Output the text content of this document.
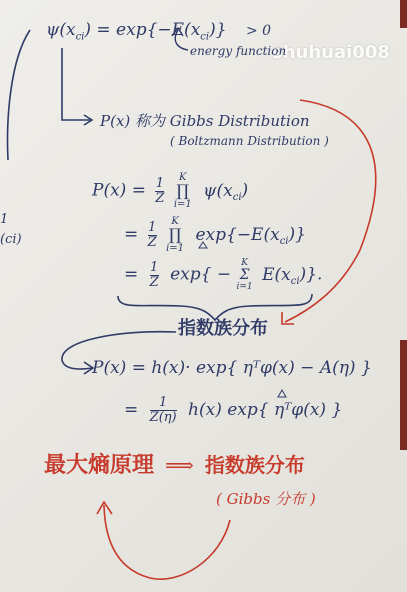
shuhuai008
1
(ci)
$\psi(x_{ci}) = \exp\{-E(x_{ci})\} > 0$
energy function
P(x) 称为 Gibbs Distribution
( Boltzmann Distribution )
$P(x) = \frac{1}{Z}$
	K
∏
i=1
$\psi(x_{ci})$
= $\frac{1}{Z}$
	K
∏
i=1
$\exp\{-E(x_{ci})\}$
= $\frac{1}{Z} \exp${ −
K
Σ
i=1
$E(x_{ci})$}.
指数族分布
P(x) = h(x)· exp{ ηᵀφ(x) − A(η) }
= $\frac{1}{Z(\eta)} h(x)$ exp{ ηᵀφ(x) }
最大熵原理 ⟹ 指数族分布
( Gibbs 分布 )
